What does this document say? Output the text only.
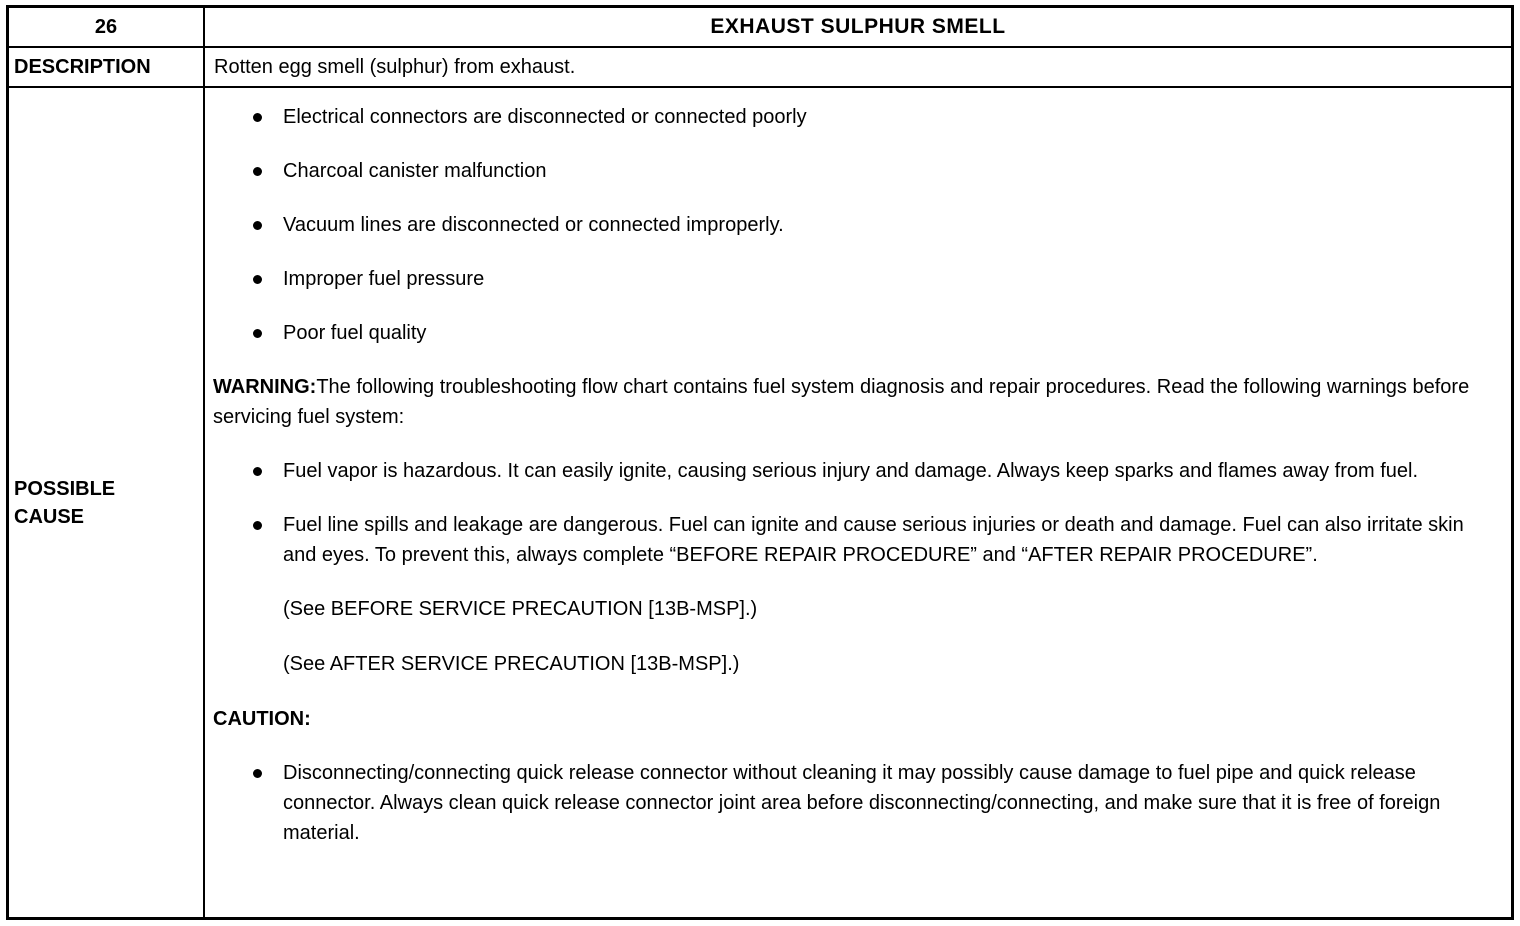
26	EXHAUST SULPHUR SMELL
DESCRIPTION	Rotten egg smell (sulphur) from exhaust.
POSSIBLE CAUSE
Electrical connectors are disconnected or connected poorly
Charcoal canister malfunction
Vacuum lines are disconnected or connected improperly.
Improper fuel pressure
Poor fuel quality

WARNING:The following troubleshooting flow chart contains fuel system diagnosis and repair procedures. Read the following warnings before servicing fuel system:

Fuel vapor is hazardous. It can easily ignite, causing serious injury and damage. Always keep sparks and flames away from fuel.
Fuel line spills and leakage are dangerous. Fuel can ignite and cause serious injuries or death and damage. Fuel can also irritate skin and eyes. To prevent this, always complete “BEFORE REPAIR PROCEDURE” and “AFTER REPAIR PROCEDURE”.

(See BEFORE SERVICE PRECAUTION [13B-MSP].)

(See AFTER SERVICE PRECAUTION [13B-MSP].)

CAUTION:

Disconnecting/connecting quick release connector without cleaning it may possibly cause damage to fuel pipe and quick release connector. Always clean quick release connector joint area before disconnecting/connecting, and make sure that it is free of foreign material.
